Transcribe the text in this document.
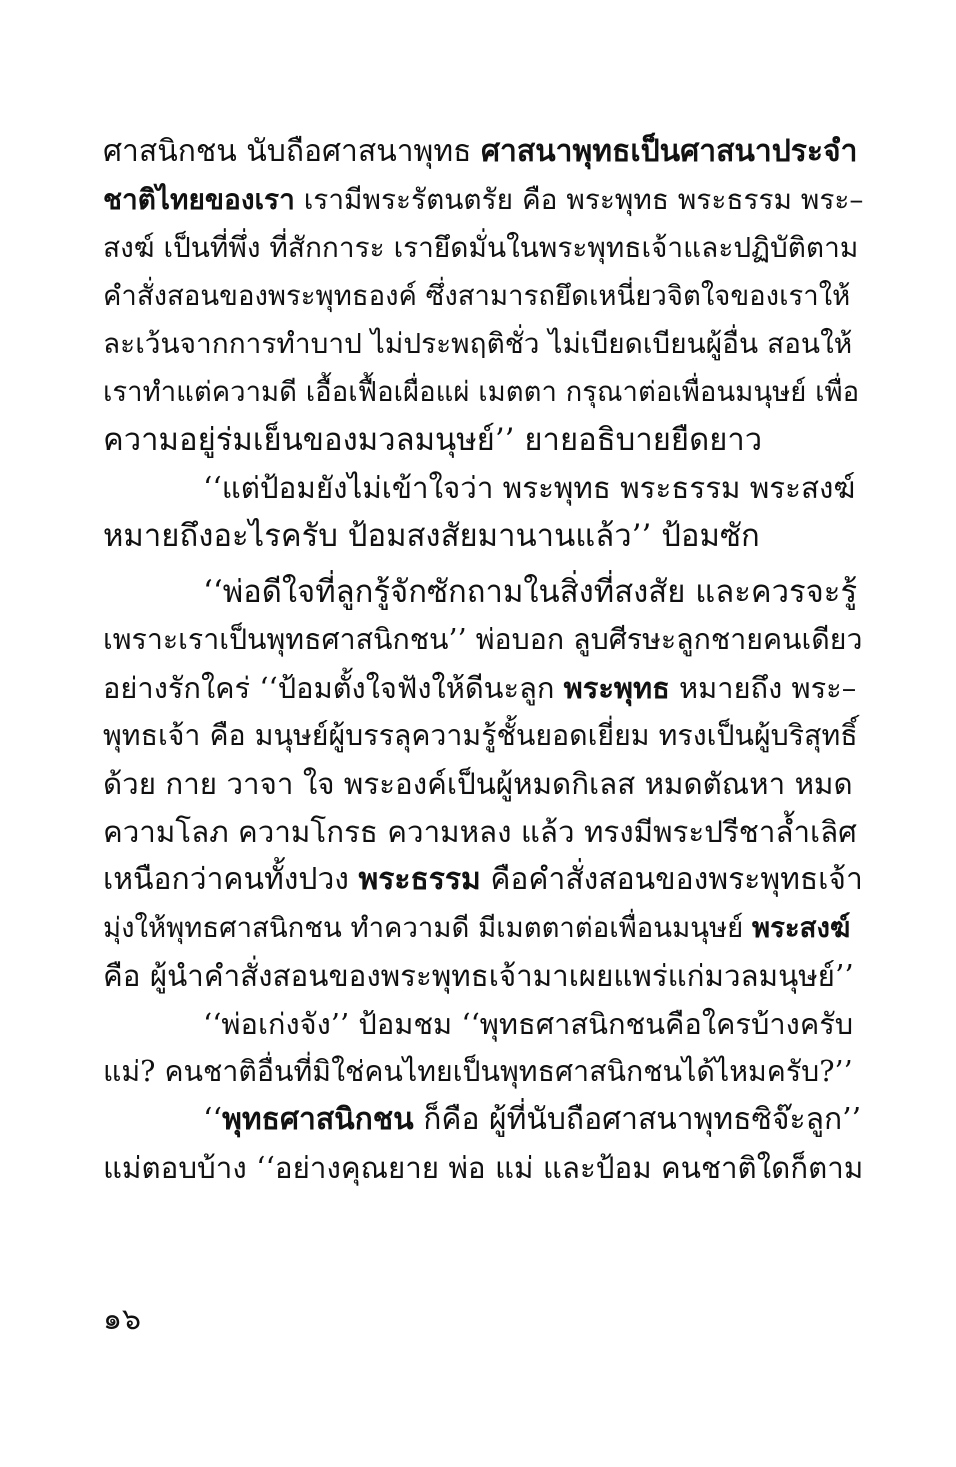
ศาสนิกชน นับถือศาสนาพุทธ ศาสนาพุทธเป็นศาสนาประจำ
ชาติไทยของเรา เรามีพระรัตนตรัย คือ พระพุทธ พระธรรม พระ–
สงฆ์ เป็นที่พึ่ง ที่สักการะ เรายึดมั่นในพระพุทธเจ้าและปฏิบัติตาม
คำสั่งสอนของพระพุทธองค์ ซึ่งสามารถยึดเหนี่ยวจิตใจของเราให้
ละเว้นจากการทำบาป ไม่ประพฤติชั่ว ไม่เบียดเบียนผู้อื่น สอนให้
เราทำแต่ความดี เอื้อเฟื้อเผื่อแผ่ เมตตา กรุณาต่อเพื่อนมนุษย์ เพื่อ
ความอยู่ร่มเย็นของมวลมนุษย์’’ ยายอธิบายยืดยาว
‘‘แต่ป้อมยังไม่เข้าใจว่า พระพุทธ พระธรรม พระสงฆ์
หมายถึงอะไรครับ ป้อมสงสัยมานานแล้ว’’ ป้อมซัก
‘‘พ่อดีใจที่ลูกรู้จักซักถามในสิ่งที่สงสัย และควรจะรู้
เพราะเราเป็นพุทธศาสนิกชน’’ พ่อบอก ลูบศีรษะลูกชายคนเดียว
อย่างรักใคร่ ‘‘ป้อมตั้งใจฟังให้ดีนะลูก พระพุทธ หมายถึง พระ–
พุทธเจ้า คือ มนุษย์ผู้บรรลุความรู้ชั้นยอดเยี่ยม ทรงเป็นผู้บริสุทธิ์
ด้วย กาย วาจา ใจ พระองค์เป็นผู้หมดกิเลส หมดตัณหา หมด
ความโลภ ความโกรธ ความหลง แล้ว ทรงมีพระปรีชาล้ำเลิศ
เหนือกว่าคนทั้งปวง พระธรรม คือคำสั่งสอนของพระพุทธเจ้า
มุ่งให้พุทธศาสนิกชน ทำความดี มีเมตตาต่อเพื่อนมนุษย์ พระสงฆ์
คือ ผู้นำคำสั่งสอนของพระพุทธเจ้ามาเผยแพร่แก่มวลมนุษย์’’
‘‘พ่อเก่งจัง’’ ป้อมชม ‘‘พุทธศาสนิกชนคือใครบ้างครับ
แม่? คนชาติอื่นที่มิใช่คนไทยเป็นพุทธศาสนิกชนได้ไหมครับ?’’
‘‘พุทธศาสนิกชน ก็คือ ผู้ที่นับถือศาสนาพุทธซิจ๊ะลูก’’
แม่ตอบบ้าง ‘‘อย่างคุณยาย พ่อ แม่ และป้อม คนชาติใดก็ตาม
๑๖
